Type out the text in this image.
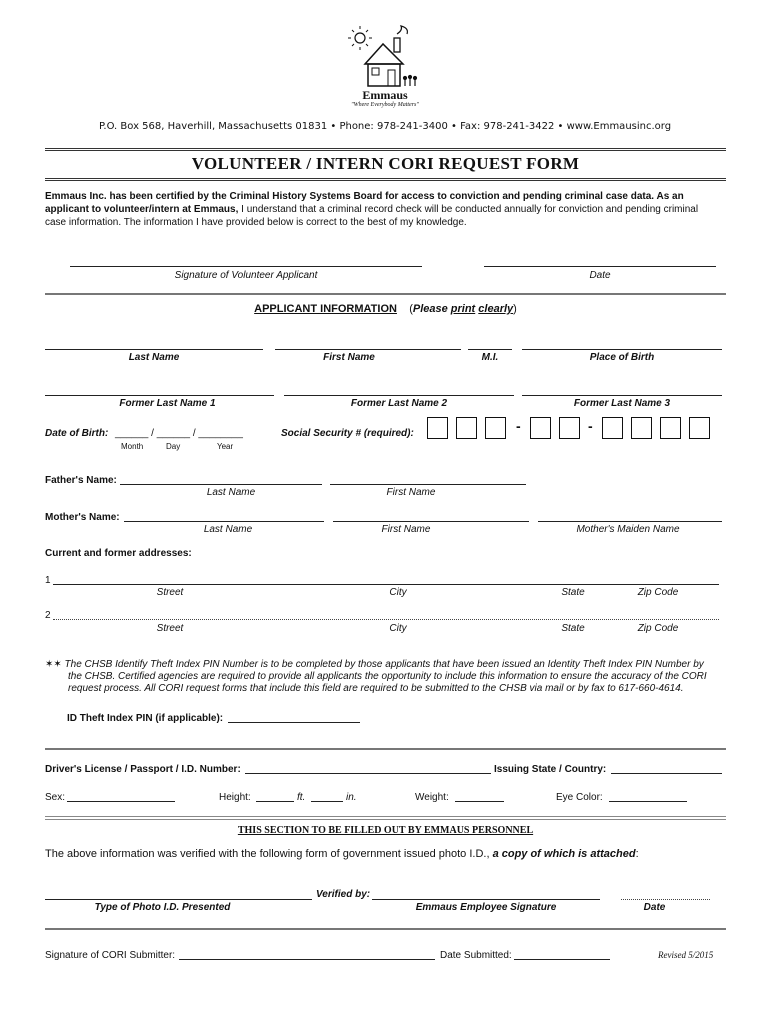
Emmaus
"Where Everybody Matters"
P.O. Box 568, Haverhill, Massachusetts 01831 • Phone: 978-241-3400 • Fax: 978-241-3422 • www.Emmausinc.org
VOLUNTEER / INTERN CORI REQUEST FORM
Emmaus Inc. has been certified by the Criminal History Systems Board for access to conviction and pending criminal case data. As an applicant to volunteer/intern at Emmaus, I understand that a criminal record check will be conducted annually for conviction and pending criminal case information. The information I have provided below is correct to the best of my knowledge.
Signature of Volunteer Applicant	Date
APPLICANT INFORMATION (Please print clearly)
Last Name	First Name	M.I.	Place of Birth
Former Last Name 1	Former Last Name 2	Former Last Name 3
Date of Birth: ______ / ______ / ________
Month	Day	Year
Social Security # (required):	-	-
Father's Name:
Last Name	First Name
Mother's Name:
Last Name	First Name	Mother's Maiden Name
Current and former addresses:
1
Street	City	State	Zip Code
2
Street	City	State	Zip Code
✶✶ The CHSB Identify Theft Index PIN Number is to be completed by those applicants that have been issued an Identity Theft Index PIN Number by
the CHSB. Certified agencies are required to provide all applicants the opportunity to include this information to ensure the accuracy of the CORI
request process. All CORI request forms that include this field are required to be submitted to the CHSB via mail or by fax to 617-660-4614.
ID Theft Index PIN (if applicable):
Driver's License / Passport / I.D. Number:	Issuing State / Country:
Sex:	Height:	ft.	in.	Weight:	Eye Color:
THIS SECTION TO BE FILLED OUT BY EMMAUS PERSONNEL
The above information was verified with the following form of government issued photo I.D., a copy of which is attached:
Type of Photo I.D. Presented
Verified by:
Emmaus Employee Signature	Date
Signature of CORI Submitter:	Date Submitted:	Revised 5/2015
